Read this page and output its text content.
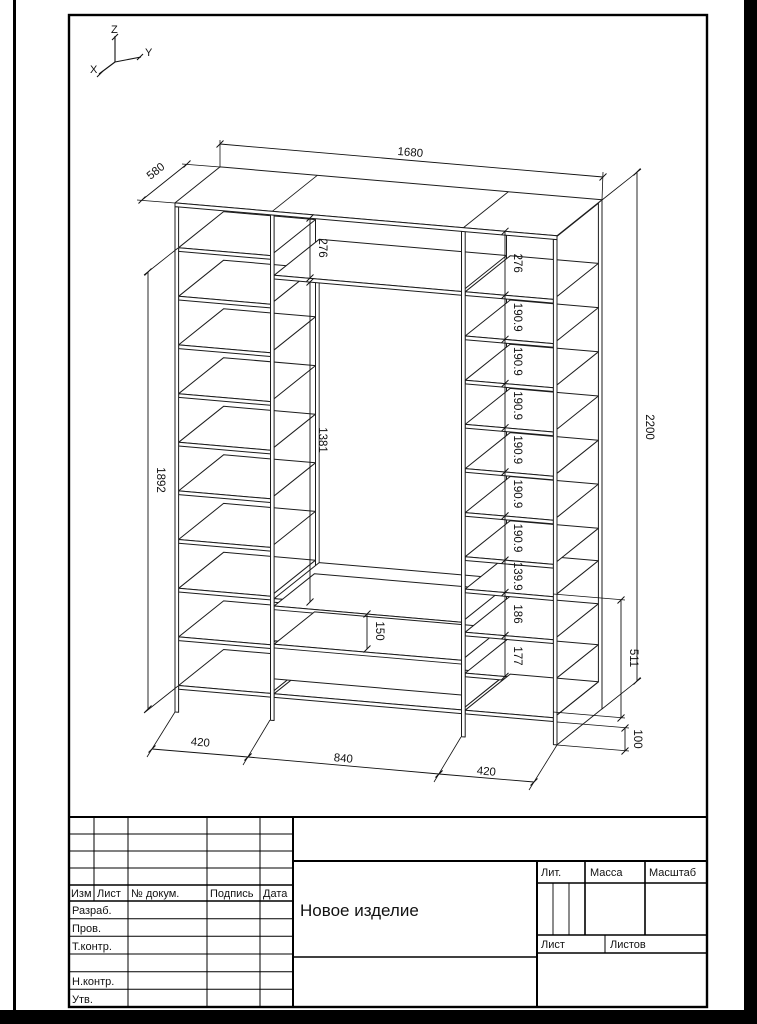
Z
Y
X
580
1680
2200
1892
276
1381
150
511
100
420
840
420
276
190.9
190.9
190.9
190.9
190.9
190.9
139.9
186
177
Изм Лист № докум.	Подпись Дата
Разраб.
Пров.
Т.контр.
Н.контр.
Утв.
Новое изделие
Лит.	Масса Масштаб
Лист	Листов
